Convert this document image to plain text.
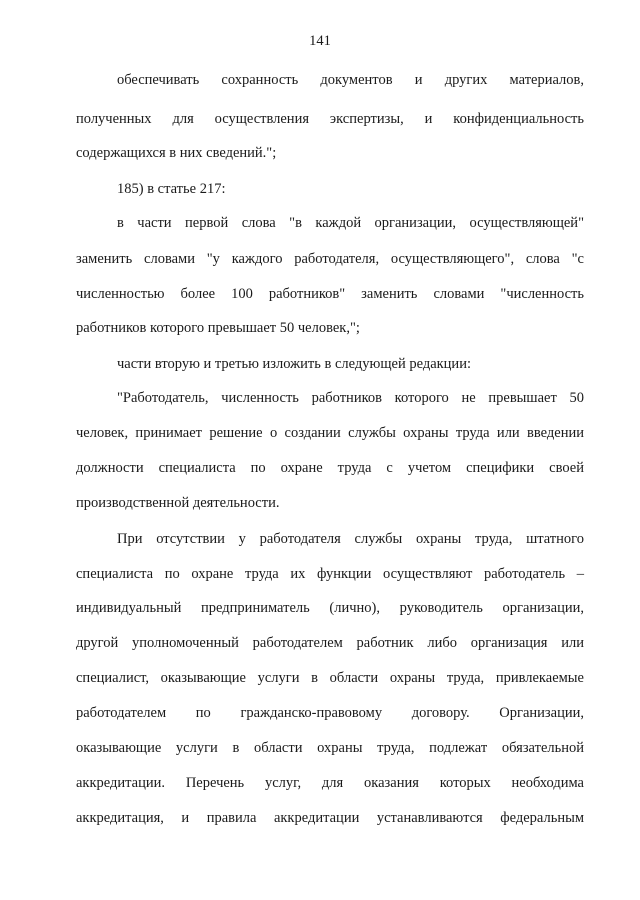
141
обеспечивать сохранность документов и других материалов,
полученных для осуществления экспертизы, и конфиденциальность
содержащихся в них сведений.";
185) в статье 217:
в части первой слова "в каждой организации, осуществляющей"
заменить словами "у каждого работодателя, осуществляющего", слова "с
численностью более 100 работников" заменить словами "численность
работников которого превышает 50 человек,";
части вторую и третью изложить в следующей редакции:
"Работодатель, численность работников которого не превышает 50
человек, принимает решение о создании службы охраны труда или введении
должности специалиста по охране труда с учетом специфики своей
производственной деятельности.
При отсутствии у работодателя службы охраны труда, штатного
специалиста по охране труда их функции осуществляют работодатель –
индивидуальный предприниматель (лично), руководитель организации,
другой уполномоченный работодателем работник либо организация или
специалист, оказывающие услуги в области охраны труда, привлекаемые
работодателем по гражданско-правовому договору. Организации,
оказывающие услуги в области охраны труда, подлежат обязательной
аккредитации. Перечень услуг, для оказания которых необходима
аккредитация, и правила аккредитации устанавливаются федеральным
